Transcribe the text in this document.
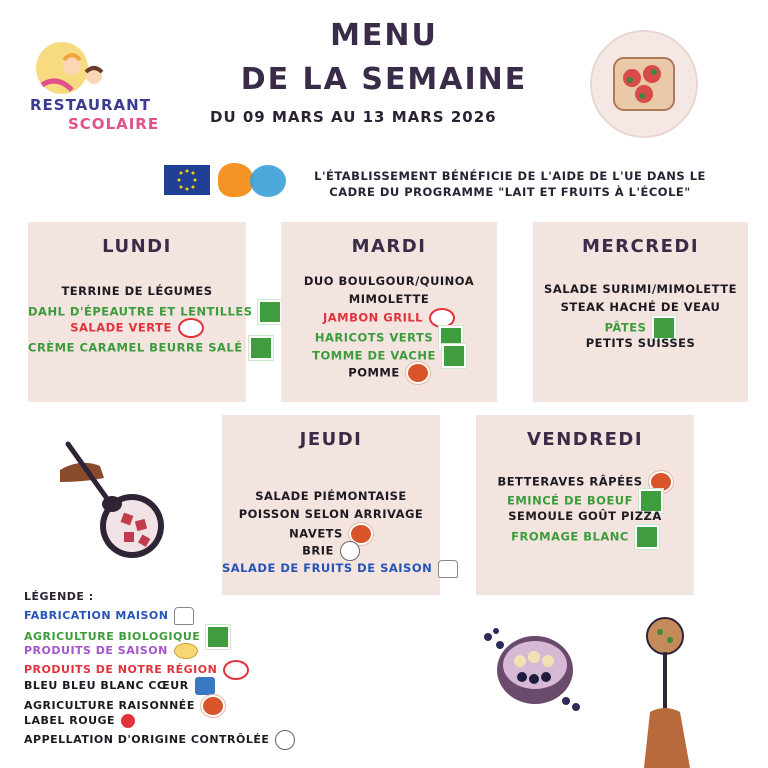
RESTAURANT
SCOLAIRE
MENU
DE LA SEMAINE
DU 09 MARS AU 13 MARS 2026
L'ÉTABLISSEMENT BÉNÉFICIE DE L'AIDE DE L'UE DANS LE CADRE DU PROGRAMME "LAIT ET FRUITS À L'ÉCOLE"
LUNDI
TERRINE DE LÉGUMES
DAHL D'ÉPEAUTRE ET LENTILLES
SALADE VERTE
CRÈME CARAMEL BEURRE SALÉ
MARDI
DUO BOULGOUR/QUINOA
MIMOLETTE
JAMBON GRILL
HARICOTS VERTS
TOMME DE VACHE
POMME
MERCREDI
SALADE SURIMI/MIMOLETTE
STEAK HACHÉ DE VEAU
PÂTES
PETITS SUISSES
JEUDI
SALADE PIÉMONTAISE
POISSON SELON ARRIVAGE
NAVETS
BRIE
SALADE DE FRUITS DE SAISON
VENDREDI
BETTERAVES RÂPÉES
EMINCÉ DE BOEUF
SEMOULE GOÛT PIZZA
FROMAGE BLANC
LÉGENDE :
FABRICATION MAISON
AGRICULTURE BIOLOGIQUE
PRODUITS DE SAISON
PRODUITS DE NOTRE RÉGION
BLEU BLEU BLANC CŒUR
AGRICULTURE RAISONNÉE
LABEL ROUGE
APPELLATION D'ORIGINE CONTRÔLÉE
